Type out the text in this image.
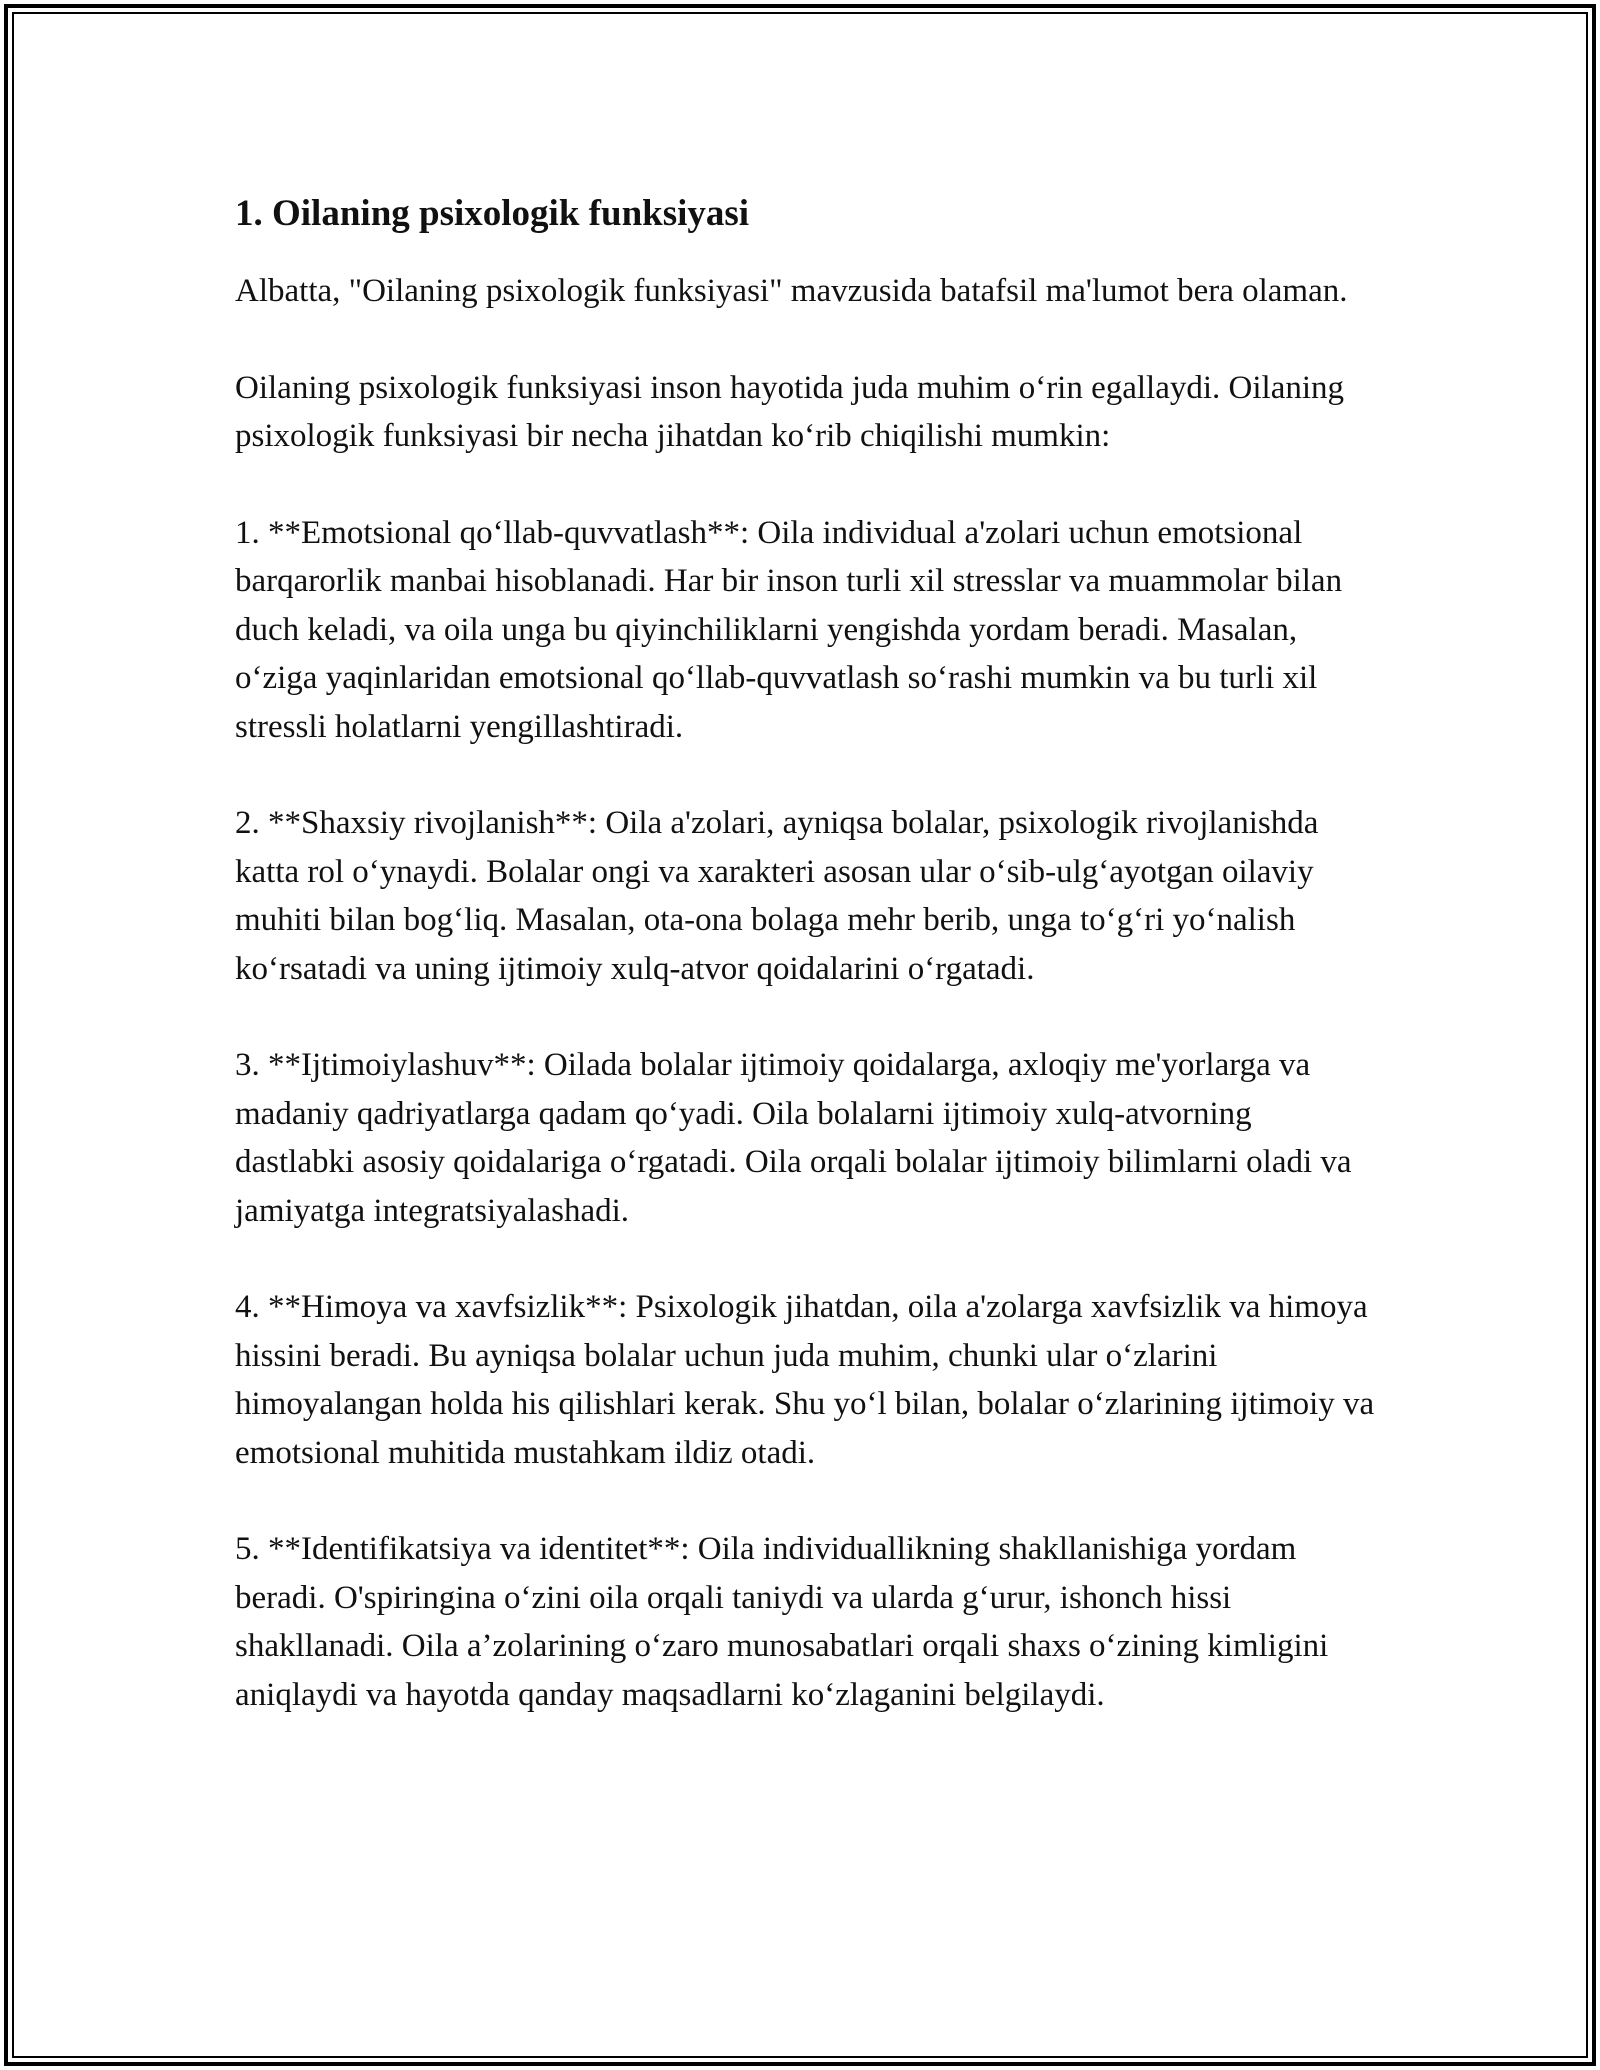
1. Oilaning psixologik funksiyasi

Albatta, "Oilaning psixologik funksiyasi" mavzusida batafsil ma'lumot bera olaman.

Oilaning psixologik funksiyasi inson hayotida juda muhim oʻrin egallaydi. Oilaning psixologik funksiyasi bir necha jihatdan koʻrib chiqilishi mumkin:

1. **Emotsional qoʻllab-quvvatlash**: Oila individual a'zolari uchun emotsional barqarorlik manbai hisoblanadi. Har bir inson turli xil stresslar va muammolar bilan duch keladi, va oila unga bu qiyinchiliklarni yengishda yordam beradi. Masalan, oʻziga yaqinlaridan emotsional qoʻllab-quvvatlash soʻrashi mumkin va bu turli xil stressli holatlarni yengillashtiradi.

2. **Shaxsiy rivojlanish**: Oila a'zolari, ayniqsa bolalar, psixologik rivojlanishda katta rol oʻynaydi. Bolalar ongi va xarakteri asosan ular oʻsib-ulgʻayotgan oilaviy muhiti bilan bogʻliq. Masalan, ota-ona bolaga mehr berib, unga toʻgʻri yoʻnalish koʻrsatadi va uning ijtimoiy xulq-atvor qoidalarini oʻrgatadi.

3. **Ijtimoiylashuv**: Oilada bolalar ijtimoiy qoidalarga, axloqiy me'yorlarga va madaniy qadriyatlarga qadam qoʻyadi. Oila bolalarni ijtimoiy xulq-atvorning dastlabki asosiy qoidalariga oʻrgatadi. Oila orqali bolalar ijtimoiy bilimlarni oladi va jamiyatga integratsiyalashadi.

4. **Himoya va xavfsizlik**: Psixologik jihatdan, oila a'zolarga xavfsizlik va himoya hissini beradi. Bu ayniqsa bolalar uchun juda muhim, chunki ular oʻzlarini himoyalangan holda his qilishlari kerak. Shu yoʻl bilan, bolalar oʻzlarining ijtimoiy va emotsional muhitida mustahkam ildiz otadi.

5. **Identifikatsiya va identitet**: Oila individuallikning shakllanishiga yordam beradi. O'spiringina oʻzini oila orqali taniydi va ularda gʻurur, ishonch hissi shakllanadi. Oila a’zolarining oʻzaro munosabatlari orqali shaxs oʻzining kimligini aniqlaydi va hayotda qanday maqsadlarni koʻzlaganini belgilaydi.
